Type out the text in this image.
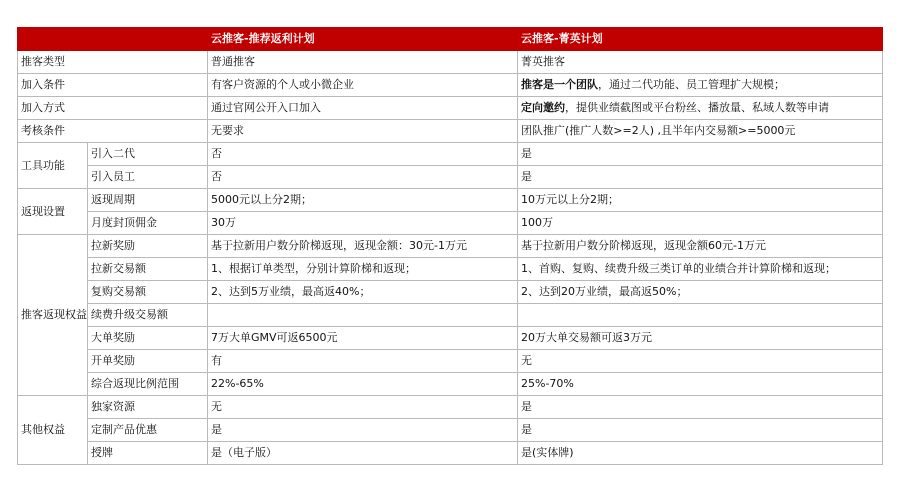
		云推客-推荐返利计划	云推客-菁英计划
推客类型		普通推客	菁英推客
加入条件		有客户资源的个人或小微企业	推客是一个团队，通过二代功能、员工管理扩大规模；
加入方式		通过官网公开入口加入	定向邀约，提供业绩截图或平台粉丝、播放量、私域人数等申请
考核条件		无要求	团队推广(推广人数>=2人) ,且半年内交易额>=5000元
工具功能	引入二代	否	是
	引入员工	否	是
返现设置	返现周期	5000元以上分2期；	10万元以上分2期；
	月度封顶佣金	30万	100万
推客返现权益	拉新奖励	基于拉新用户数分阶梯返现，返现金额：30元-1万元	基于拉新用户数分阶梯返现，返现金额60元-1万元
	拉新交易额	1、根据订单类型，分别计算阶梯和返现；	1、首购、复购、续费升级三类订单的业绩合并计算阶梯和返现；
	复购交易额	2、达到5万业绩，最高返40%；	2、达到20万业绩，最高返50%；
	续费升级交易额		
	大单奖励	7万大单GMV可返6500元	20万大单交易额可返3万元
	开单奖励	有	无
	综合返现比例范围	22%-65%	25%-70%
其他权益	独家资源	无	是
	定制产品优惠	是	是
	授牌	是（电子版）	是(实体牌)
